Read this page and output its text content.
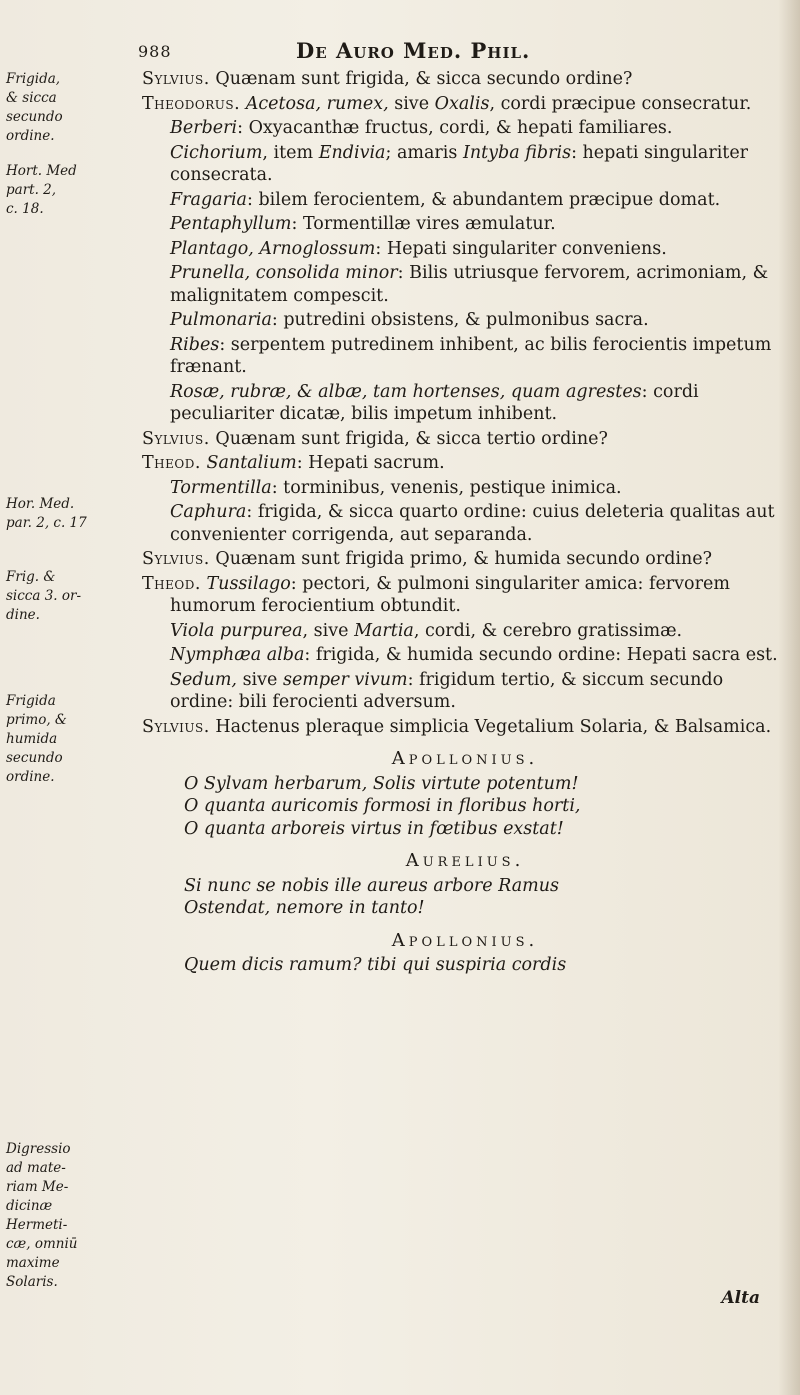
988	De Auro Med. Phil.
Frigida,
& sicca
secundo
ordine.
Hort. Med
part. 2,
c. 18.
Hor. Med.
par. 2, c. 17
Frig. &
sicca 3. or-
dine.
Frigida
primo, &
humida
secundo
ordine.
Digressio
ad mate-
riam Me-
dicinæ
Hermeti-
cæ, omniū
maxime
Solaris.

Sylvius. Quænam sunt frigida, & sicca secundo ordine?

Theodorus. Acetosa, rumex, sive Oxalis, cordi præcipue consecratur.

Berberi: Oxyacanthæ fructus, cordi, & hepati familiares.

Cichorium, item Endivia; amaris Intyba fibris: hepati singulariter consecrata.

Fragaria: bilem ferocientem, & abundantem præcipue domat.

Pentaphyllum: Tormentillæ vires æmulatur.

Plantago, Arnoglossum: Hepati singulariter conveniens.

Prunella, consolida minor: Bilis utriusque fervorem, acrimoniam, & malignitatem compescit.

Pulmonaria: putredini obsistens, & pulmonibus sacra.

Ribes: serpentem putredinem inhibent, ac bilis ferocientis impetum frænant.

Rosæ, rubræ, & albæ, tam hortenses, quam agrestes: cordi peculiariter dicatæ, bilis impetum inhibent.

Sylvius. Quænam sunt frigida, & sicca tertio ordine?

Theod. Santalium: Hepati sacrum.

Tormentilla: torminibus, venenis, pestique inimica.

Caphura: frigida, & sicca quarto ordine: cuius deleteria qualitas aut convenienter corrigenda, aut separanda.

Sylvius. Quænam sunt frigida primo, & humida secundo ordine?

Theod. Tussilago: pectori, & pulmoni singulariter amica: fervorem humorum ferocientium obtundit.

Viola purpurea, sive Martia, cordi, & cerebro gratissimæ.

Nymphæa alba: frigida, & humida secundo ordine: Hepati sacra est.

Sedum, sive semper vivum: frigidum tertio, & siccum secundo ordine: bili ferocienti adversum.

Sylvius. Hactenus pleraque simplicia Vegetalium Solaria, & Balsamica.

Apollonius.

O Sylvam herbarum, Solis virtute potentum!

O quanta auricomis formosi in floribus horti,

O quanta arboreis virtus in fœtibus exstat!

Aurelius.

Si nunc se nobis ille aureus arbore Ramus

Ostendat, nemore in tanto!

Apollonius.

Quem dicis ramum? tibi qui suspiria cordis

Alta
